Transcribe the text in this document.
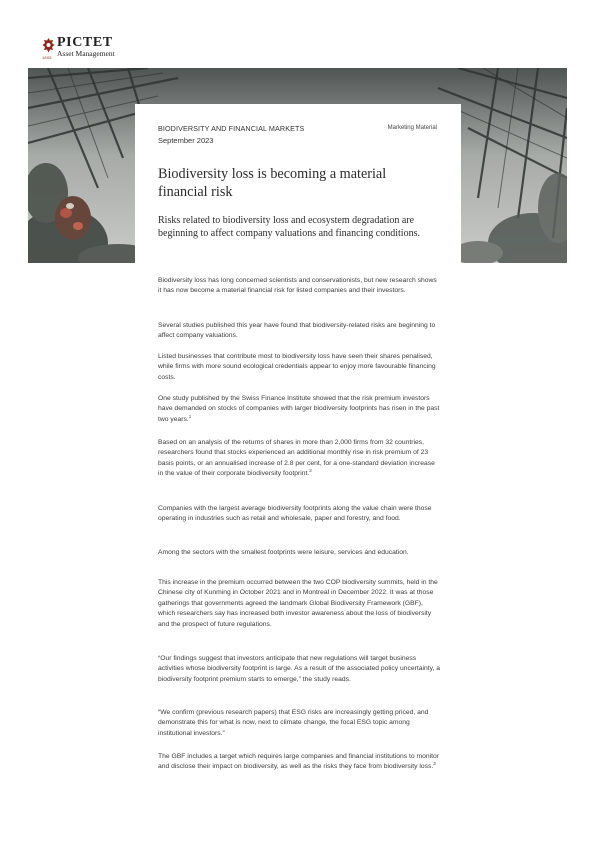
1805
PICTET
Asset Management
BIODIVERSITY AND FINANCIAL MARKETS	Marketing Material
September 2023
Biodiversity loss is becoming a material financial risk
Risks related to biodiversity loss and ecosystem degradation are beginning to affect company valuations and financing conditions.

Biodiversity loss has long concerned scientists and conservationists, but new research shows it has now become a material financial risk for listed companies and their investors.

Several studies published this year have found that biodiversity-related risks are beginning to affect company valuations.

Listed businesses that contribute most to biodiversity loss have seen their shares penalised, while firms with more sound ecological credentials appear to enjoy more favourable financing costs.

One study published by the Swiss Finance Institute showed that the risk premium investors have demanded on stocks of companies with larger biodiversity footprints has risen in the past two years.$^1$

Based on an analysis of the returns of shares in more than 2,000 firms from 32 countries, researchers found that stocks experienced an additional monthly rise in risk premium of 23 basis points, or an annualised increase of 2.8 per cent, for a one-standard deviation increase in the value of their corporate biodiversity footprint.$^2$

Companies with the largest average biodiversity footprints along the value chain were those operating in industries such as retail and wholesale, paper and forestry, and food.

Among the sectors with the smallest footprints were leisure, services and education.

This increase in the premium occurred between the two COP biodiversity summits, held in the Chinese city of Kunming in October 2021 and in Montreal in December 2022. It was at those gatherings that governments agreed the landmark Global Biodiversity Framework (GBF), which researchers say has increased both investor awareness about the loss of biodiversity and the prospect of future regulations.

“Our findings suggest that investors anticipate that new regulations will target business activities whose biodiversity footprint is large. As a result of the associated policy uncertainty, a biodiversity footprint premium starts to emerge,” the study reads.

“We confirm (previous research papers) that ESG risks are increasingly getting priced, and demonstrate this for what is now, next to climate change, the focal ESG topic among institutional investors.”

The GBF includes a target which requires large companies and financial institutions to monitor and disclose their impact on biodiversity, as well as the risks they face from biodiversity loss.$^3$
